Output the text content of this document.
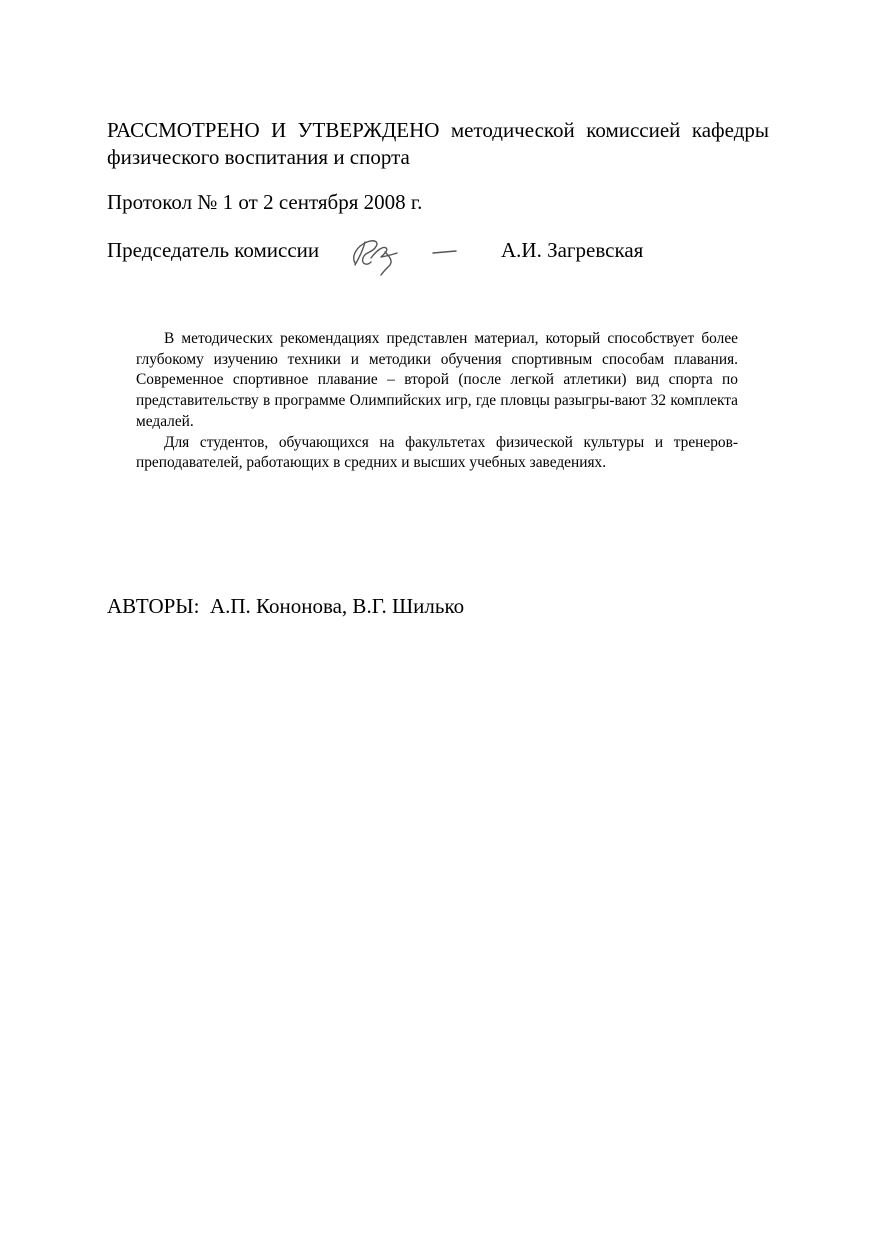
РАССМОТРЕНО И УТВЕРЖДЕНО методической комиссией кафедры физического воспитания и спорта

Протокол № 1 от 2 сентября 2008 г.
Председатель комиссии	А.И. Загревская

В методических рекомендациях представлен материал, который способствует более глубокому изучению техники и методики обучения спортивным способам плавания. Современное спортивное плавание – второй (после легкой атлетики) вид спорта по представительству в программе Олимпийских игр, где пловцы разыгры-вают 32 комплекта медалей.

Для студентов, обучающихся на факультетах физической культуры и тренеров-преподавателей, работающих в средних и высших учебных заведениях.

АВТОРЫ: А.П. Кононова, В.Г. Шилько
